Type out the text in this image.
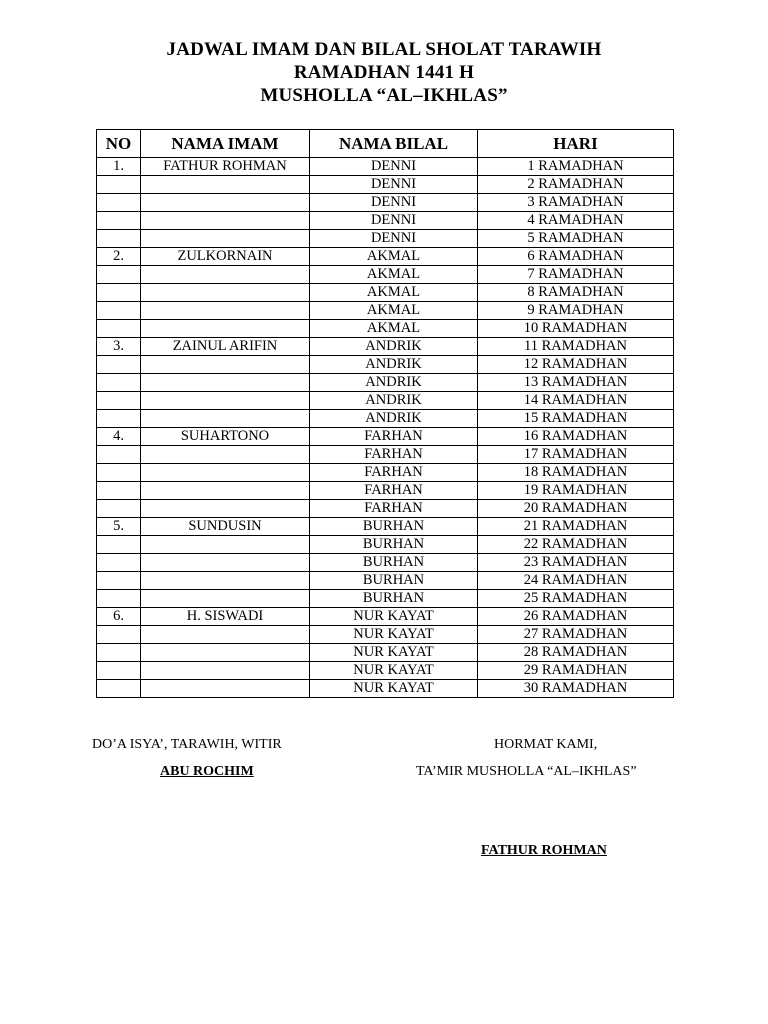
JADWAL IMAM DAN BILAL SHOLAT TARAWIH
RAMADHAN 1441 H
MUSHOLLA “AL–IKHLAS”
NO	NAMA IMAM	NAMA BILAL	HARI
1.	FATHUR ROHMAN	DENNI	1 RAMADHAN
		DENNI	2 RAMADHAN
		DENNI	3 RAMADHAN
		DENNI	4 RAMADHAN
		DENNI	5 RAMADHAN
2.	ZULKORNAIN	AKMAL	6 RAMADHAN
		AKMAL	7 RAMADHAN
		AKMAL	8 RAMADHAN
		AKMAL	9 RAMADHAN
		AKMAL	10 RAMADHAN
3.	ZAINUL ARIFIN	ANDRIK	11 RAMADHAN
		ANDRIK	12 RAMADHAN
		ANDRIK	13 RAMADHAN
		ANDRIK	14 RAMADHAN
		ANDRIK	15 RAMADHAN
4.	SUHARTONO	FARHAN	16 RAMADHAN
		FARHAN	17 RAMADHAN
		FARHAN	18 RAMADHAN
		FARHAN	19 RAMADHAN
		FARHAN	20 RAMADHAN
5.	SUNDUSIN	BURHAN	21 RAMADHAN
		BURHAN	22 RAMADHAN
		BURHAN	23 RAMADHAN
		BURHAN	24 RAMADHAN
		BURHAN	25 RAMADHAN
6.	H. SISWADI	NUR KAYAT	26 RAMADHAN
		NUR KAYAT	27 RAMADHAN
		NUR KAYAT	28 RAMADHAN
		NUR KAYAT	29 RAMADHAN
		NUR KAYAT	30 RAMADHAN
DO’A ISYA’, TARAWIH, WITIR
ABU ROCHIM
HORMAT KAMI,
TA’MIR MUSHOLLA “AL–IKHLAS”
FATHUR ROHMAN
